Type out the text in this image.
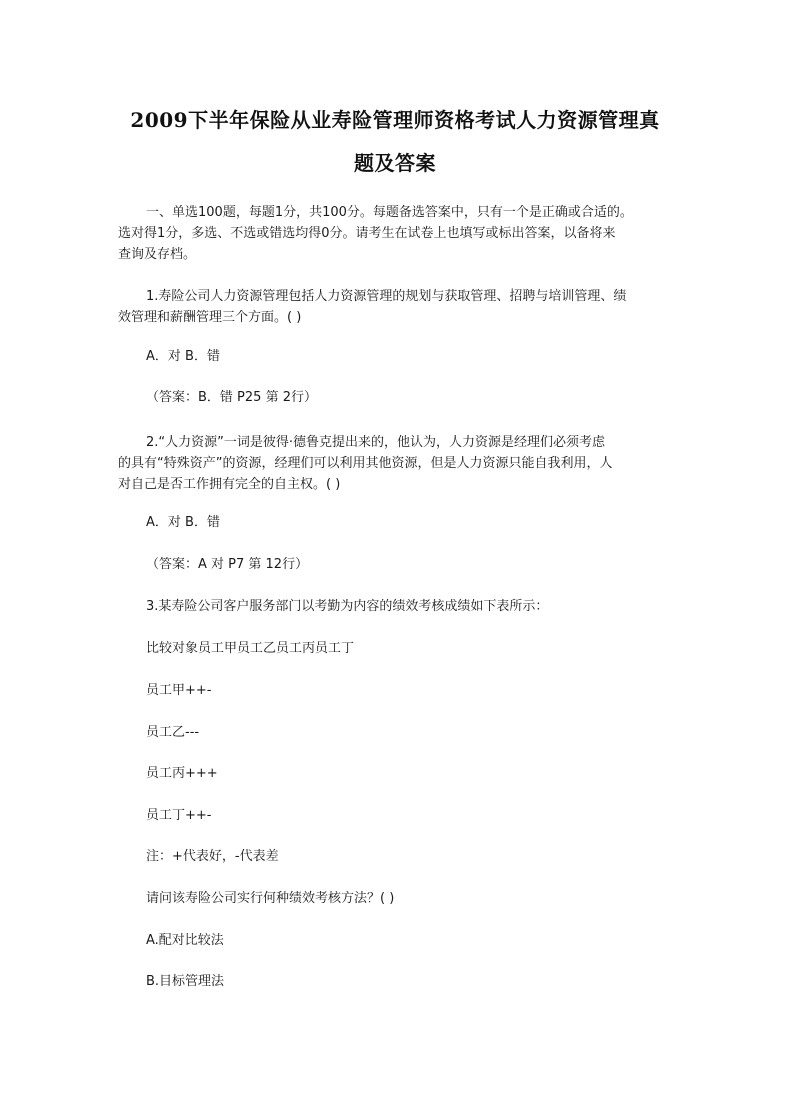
2009下半年保险从业寿险管理师资格考试人力资源管理真
题及答案
一、单选100题，每题1分，共100分。每题备选答案中，只有一个是正确或合适的。
选对得1分，多选、不选或错选均得0分。请考生在试卷上也填写或标出答案，以备将来
查询及存档。
1.寿险公司人力资源管理包括人力资源管理的规划与获取管理、招聘与培训管理、绩
效管理和薪酬管理三个方面。( )
A．对 B．错
（答案：B．错 P25 第 2行）
2.“人力资源”一词是彼得·德鲁克提出来的，他认为，人力资源是经理们必须考虑
的具有“特殊资产”的资源，经理们可以利用其他资源，但是人力资源只能自我利用，人
对自己是否工作拥有完全的自主权。( )
A．对 B．错
（答案：A 对 P7 第 12行）
3.某寿险公司客户服务部门以考勤为内容的绩效考核成绩如下表所示：
比较对象员工甲员工乙员工丙员工丁
员工甲++-
员工乙---
员工丙+++
员工丁++-
注：+代表好，-代表差
请问该寿险公司实行何种绩效考核方法？( )
A.配对比较法
B.目标管理法
